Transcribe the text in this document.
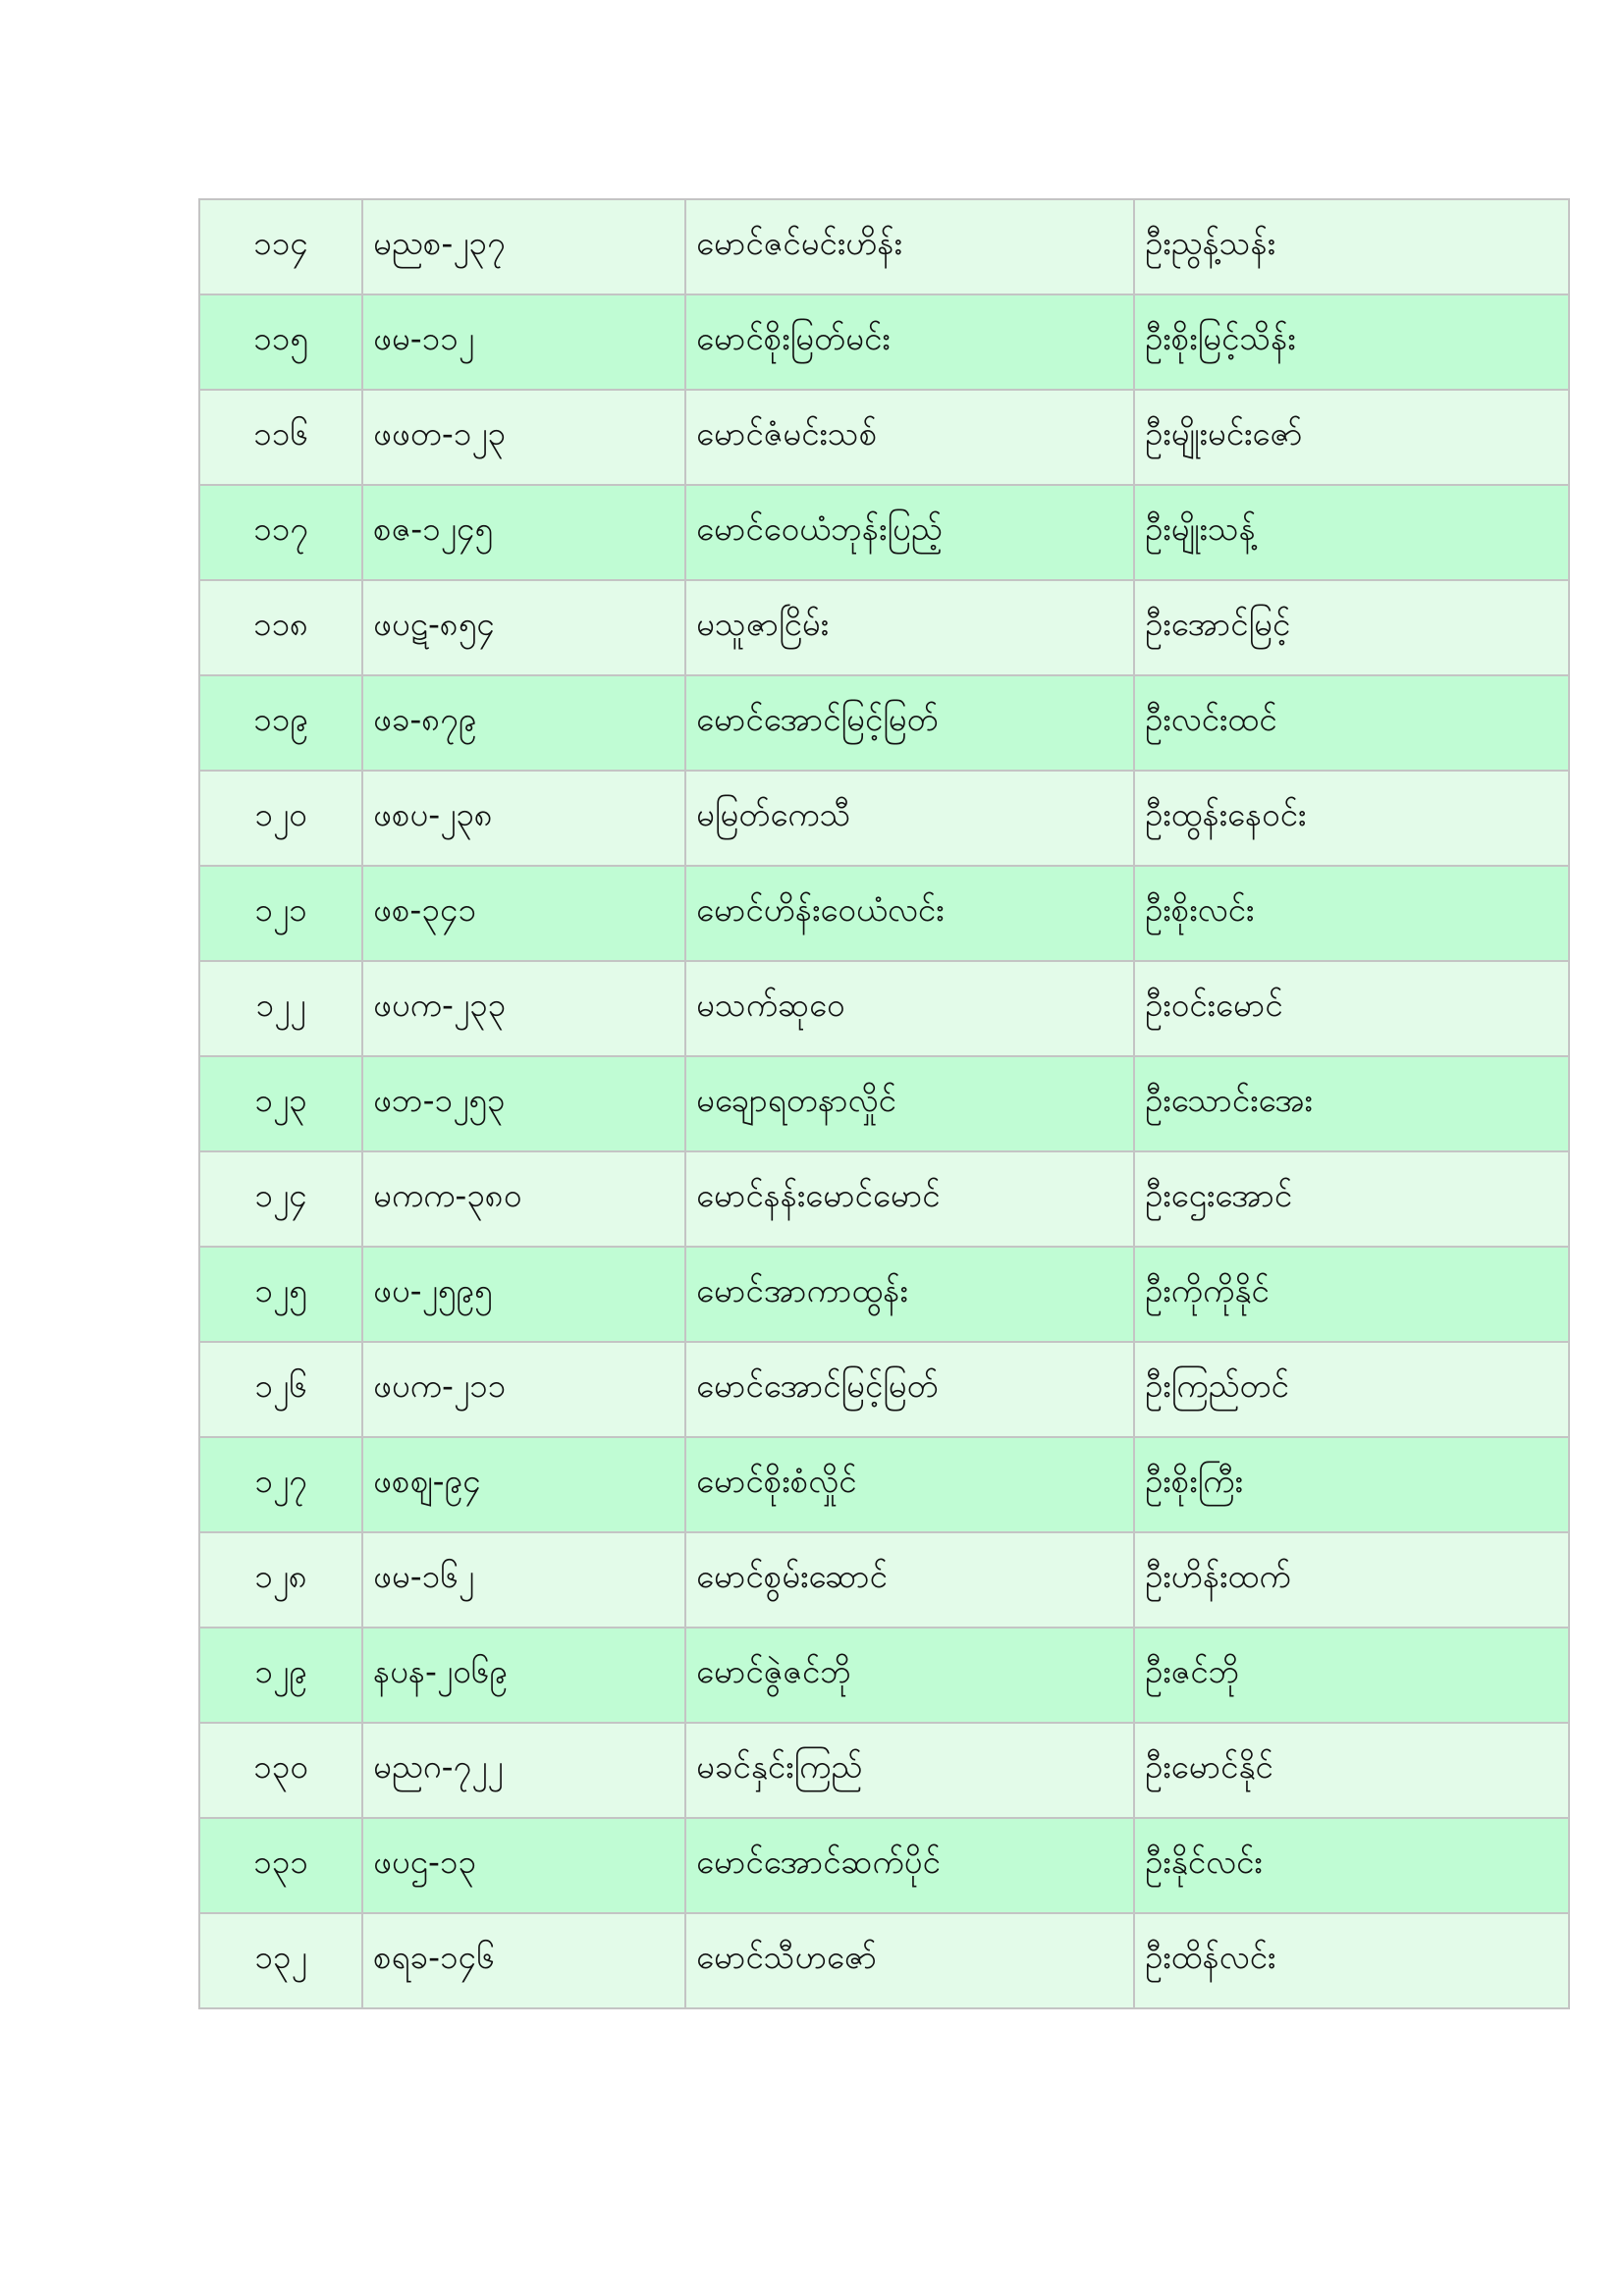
၁၁၄	မညစ-၂၃၇	မောင်ဇင်မင်းဟိန်း	ဦးညွန့်သန်း
၁၁၅	ဖမ-၁၁၂	မောင်စိုးမြတ်မင်း	ဦးစိုးမြင့်သိန်း
၁၁၆	ဖဖတ-၁၂၃	မောင်ဇံမင်းသစ်	ဦးမျိုးမင်းဇော်
၁၁၇	စဇ-၁၂၄၅	မောင်ဝေယံဘုန်းပြည့်	ဦးမျိုးသန့်
၁၁၈	ဖပဋ-၈၅၄	မသူဇာငြိမ်း	ဦးအောင်မြင့်
၁၁၉	ဖခ-၈၇၉	မောင်အောင်မြင့်မြတ်	ဦးလင်းထင်
၁၂၀	ဖစပ-၂၃၈	မမြတ်ကေသီ	ဦးထွန်းနေဝင်း
၁၂၁	ဖစ-၃၄၁	မောင်ဟိန်းဝေယံလင်း	ဦးစိုးလင်း
၁၂၂	ဖပက-၂၃၃	မသက်ဆုဝေ	ဦးဝင်းမောင်
၁၂၃	ဖဘ-၁၂၅၃	မချောရတနာလှိုင်	ဦးသောင်းအေး
၁၂၄	မကက-၃၈၀	မောင်နန်းမောင်မောင်	ဦးဌေးအောင်
၁၂၅	ဖပ-၂၅၉၅	မောင်အာကာထွန်း	ဦးကိုကိုနိုင်
၁၂၆	ဖပက-၂၁၁	မောင်အောင်မြင့်မြတ်	ဦးကြည်တင်
၁၂၇	ဖစဈ-၉၄	မောင်စိုးစံလှိုင်	ဦးစိုးကြီး
၁၂၈	ဖမ-၁၆၂	မောင်စွမ်းဆောင်	ဦးဟိန်းထက်
၁၂၉	နပန-၂၀၆၉	မောင်ဇွဲဇင်ဘို	ဦးဇင်ဘို
၁၃၀	မညဂ-၇၂၂	မခင်နှင်းကြည်	ဦးမောင်နိုင်
၁၃၁	ဖပဌ-၁၃	မောင်အောင်ဆက်ပိုင်	ဦးနိုင်လင်း
၁၃၂	စရခ-၁၄၆	မောင်သီဟဇော်	ဦးထိန်လင်း
